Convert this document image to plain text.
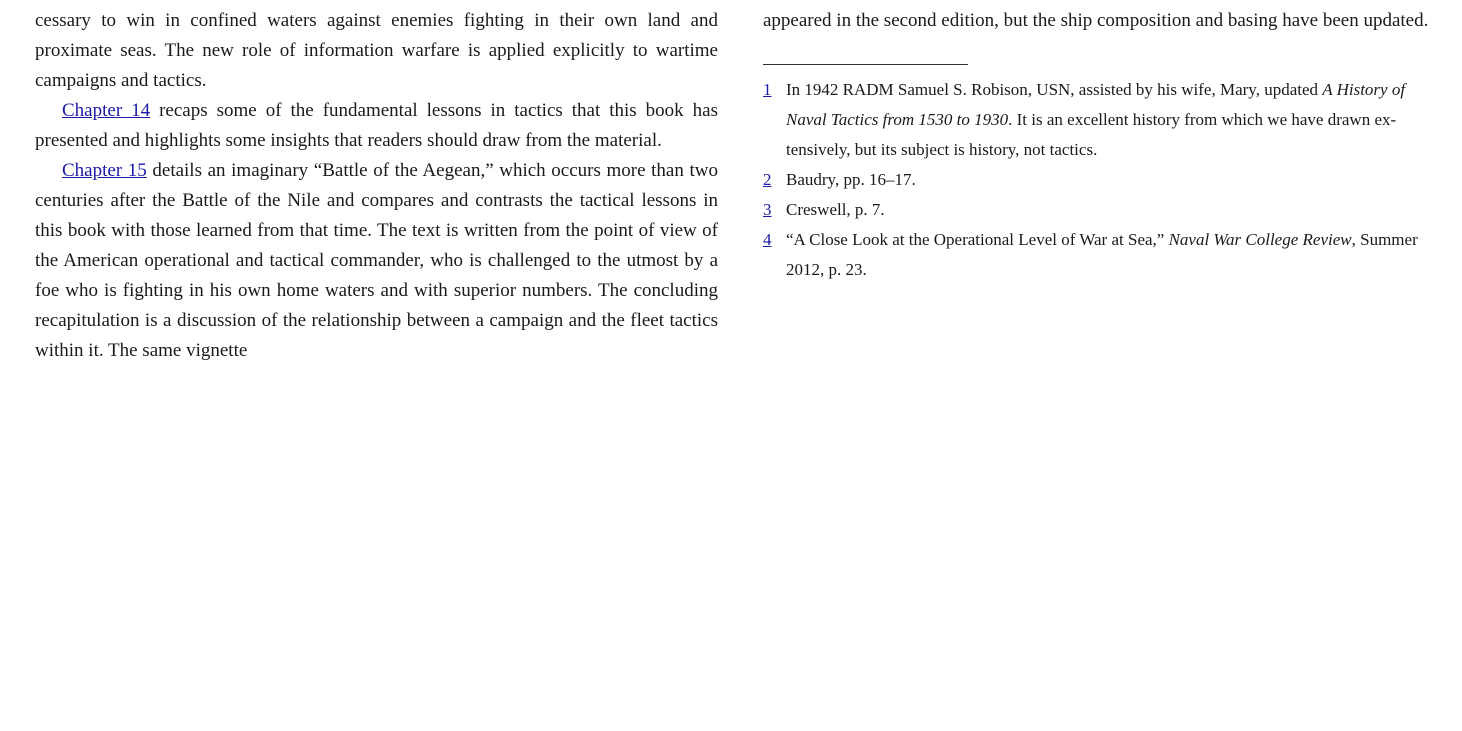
cessary to win in confined waters against enemies fighting in their own land and proximate seas. The new role of information warfare is applied explicitly to wartime campaigns and tactics.

Chapter 14 recaps some of the fundamental lessons in tactics that this book has presented and highlights some insights that readers should draw from the material.

Chapter 15 details an imaginary “Battle of the Aegean,” which occurs more than two centuries after the Battle of the Nile and compares and contrasts the tactical lessons in this book with those learned from that time. The text is written from the point of view of the American operational and tactical commander, who is challenged to the utmost by a foe who is fighting in his own home waters and with superior numbers. The concluding recapitulation is a discussion of the relationship between a campaign and the fleet tactics within it. The same vignette

appeared in the second edition, but the ship composition and basing have been updated.

1 In 1942 RADM Samuel S. Robison, USN, assisted by his wife, Mary, updated A History of Naval Tactics from 1530 to 1930. It is an excellent history from which we have drawn extensively, but its subject is history, not tactics.
2 Baudry, pp. 16–17.
3 Creswell, p. 7.
4 “A Close Look at the Operational Level of War at Sea,” Naval War College Review, Summer 2012, p. 23.
